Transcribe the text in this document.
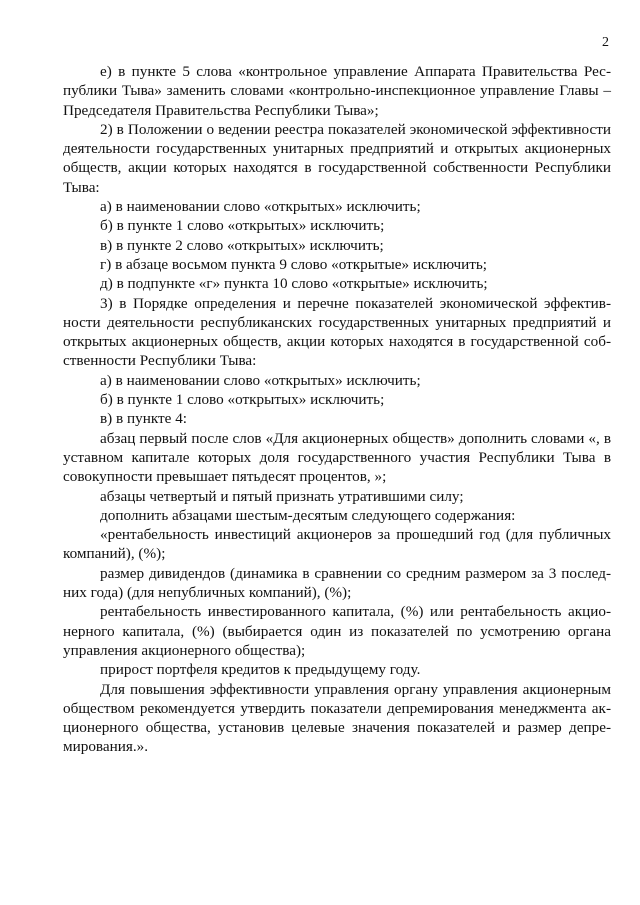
2

е) в пункте 5 слова «контрольное управление Аппарата Правительства Республики Тыва» заменить словами «контрольно-инспекционное управление Главы – Председателя Правительства Республики Тыва»;

2) в Положении о ведении реестра показателей экономической эффективности деятельности государственных унитарных предприятий и открытых акционерных обществ, акции которых находятся в государственной собственности Республики Тыва:

а) в наименовании слово «открытых» исключить;

б) в пункте 1 слово «открытых» исключить;

в) в пункте 2 слово «открытых» исключить;

г) в абзаце восьмом пункта 9 слово «открытые» исключить;

д) в подпункте «г» пункта 10 слово «открытые» исключить;

3) в Порядке определения и перечне показателей экономической эффективности деятельности республиканских государственных унитарных предприятий и открытых акционерных обществ, акции которых находятся в государственной собственности Республики Тыва:

а) в наименовании слово «открытых» исключить;

б) в пункте 1 слово «открытых» исключить;

в) в пункте 4:

абзац первый после слов «Для акционерных обществ» дополнить словами «, в уставном капитале которых доля государственного участия Республики Тыва в совокупности превышает пятьдесят процентов, »;

абзацы четвертый и пятый признать утратившими силу;

дополнить абзацами шестым-десятым следующего содержания:

«рентабельность инвестиций акционеров за прошедший год (для публичных компаний), (%);

размер дивидендов (динамика в сравнении со средним размером за 3 последних года) (для непубличных компаний), (%);

рентабельность инвестированного капитала, (%) или рентабельность акционерного капитала, (%) (выбирается один из показателей по усмотрению органа управления акционерного общества);

прирост портфеля кредитов к предыдущему году.

Для повышения эффективности управления органу управления акционерным обществом рекомендуется утвердить показатели депремирования менеджмента акционерного общества, установив целевые значения показателей и размер депремирования.».
